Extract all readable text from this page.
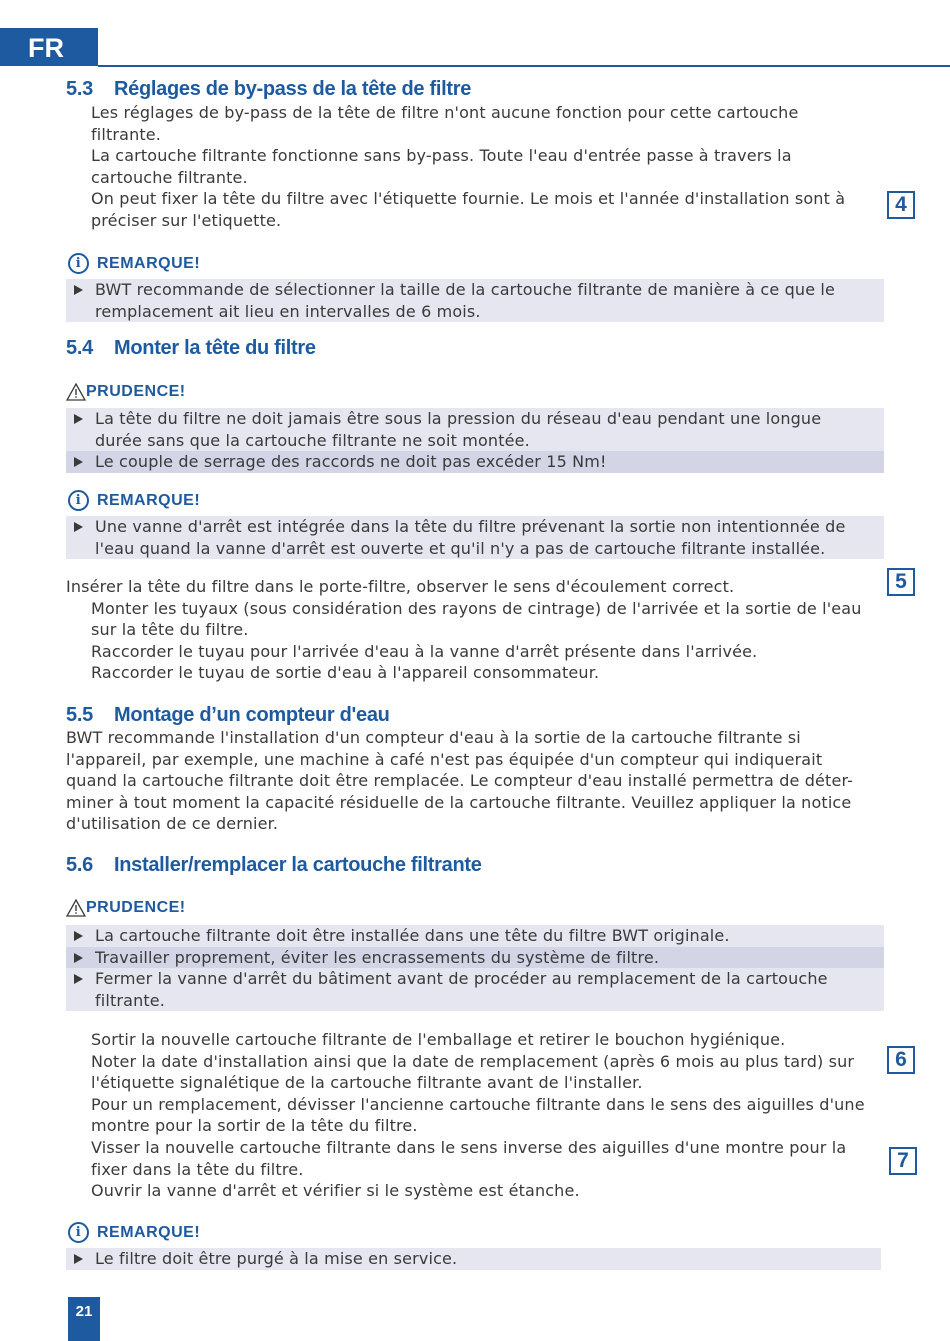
FR
5.3 Réglages de by-pass de la tête de filtre
Les réglages de by-pass de la tête de filtre n'ont aucune fonction pour cette cartouche
filtrante.
La cartouche filtrante fonctionne sans by-pass. Toute l'eau d'entrée passe à travers la
cartouche filtrante.
On peut fixer la tête du filtre avec l'étiquette fournie. Le mois et l'année d'installation sont à
préciser sur l'etiquette.
4
i REMARQUE!
BWT recommande de sélectionner la taille de la cartouche filtrante de manière à ce que le
remplacement ait lieu en intervalles de 6 mois.
5.4 Monter la tête du filtre
PRUDENCE!
La tête du filtre ne doit jamais être sous la pression du réseau d'eau pendant une longue
durée sans que la cartouche filtrante ne soit montée.
Le couple de serrage des raccords ne doit pas excéder 15 Nm!
i REMARQUE!
Une vanne d'arrêt est intégrée dans la tête du filtre prévenant la sortie non intentionnée de
l'eau quand la vanne d'arrêt est ouverte et qu'il n'y a pas de cartouche filtrante installée.
Insérer la tête du filtre dans le porte-filtre, observer le sens d'écoulement correct.
Monter les tuyaux (sous considération des rayons de cintrage) de l'arrivée et la sortie de l'eau
sur la tête du filtre.
Raccorder le tuyau pour l'arrivée d'eau à la vanne d'arrêt présente dans l'arrivée.
Raccorder le tuyau de sortie d'eau à l'appareil consommateur.
5
5.5 Montage d’un compteur d'eau
BWT recommande l'installation d'un compteur d'eau à la sortie de la cartouche filtrante si
l'appareil, par exemple, une machine à café n'est pas équipée d'un compteur qui indiquerait
quand la cartouche filtrante doit être remplacée. Le compteur d'eau installé permettra de déter-
miner à tout moment la capacité résiduelle de la cartouche filtrante. Veuillez appliquer la notice
d'utilisation de ce dernier.
5.6 Installer/remplacer la cartouche filtrante
PRUDENCE!
La cartouche filtrante doit être installée dans une tête du filtre BWT originale.
Travailler proprement, éviter les encrassements du système de filtre.
Fermer la vanne d'arrêt du bâtiment avant de procéder au remplacement de la cartouche
filtrante.
Sortir la nouvelle cartouche filtrante de l'emballage et retirer le bouchon hygiénique.
Noter la date d'installation ainsi que la date de remplacement (après 6 mois au plus tard) sur
l'étiquette signalétique de la cartouche filtrante avant de l'installer.
Pour un remplacement, dévisser l'ancienne cartouche filtrante dans le sens des aiguilles d'une
montre pour la sortir de la tête du filtre.
Visser la nouvelle cartouche filtrante dans le sens inverse des aiguilles d'une montre pour la
fixer dans la tête du filtre.
Ouvrir la vanne d'arrêt et vérifier si le système est étanche.
6
7
i REMARQUE!
Le filtre doit être purgé à la mise en service.
21
